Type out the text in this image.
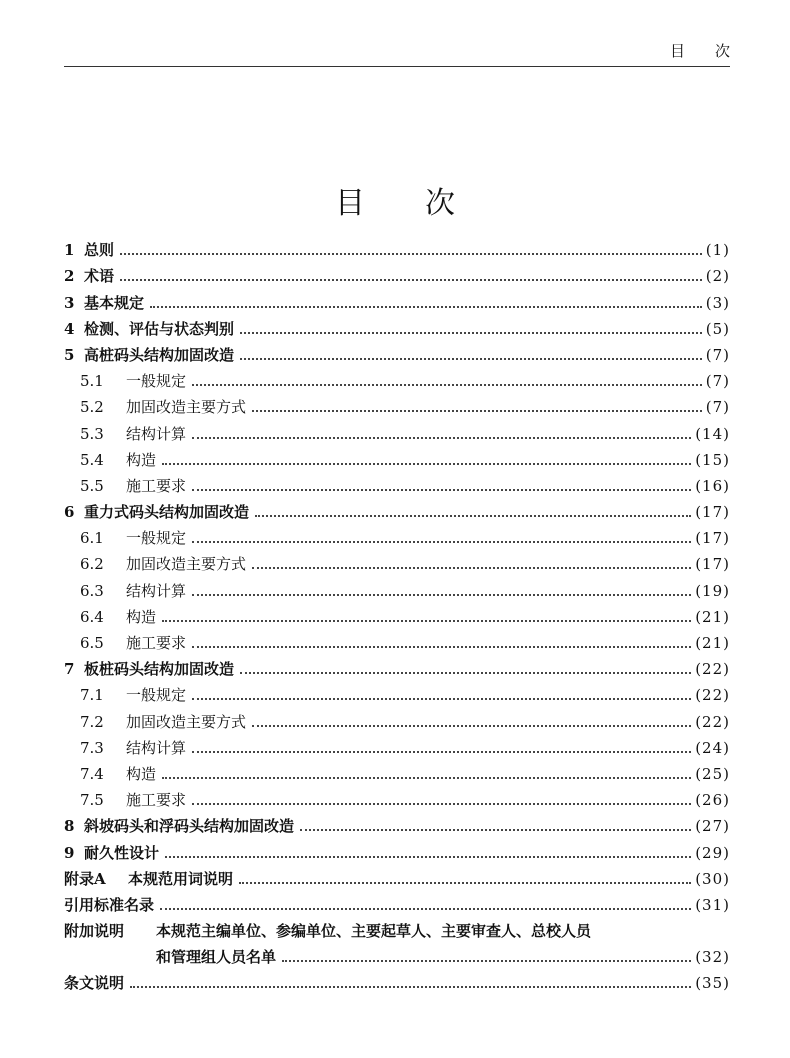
目次
目次
1 总则	(1)
2 术语	(2)
3 基本规定	(3)
4 检测、评估与状态判别	(5)
5 高桩码头结构加固改造	(7)
5.1	一般规定	(7)
5.2	加固改造主要方式	(7)
5.3	结构计算	(14)
5.4	构造	(15)
5.5	施工要求	(16)
6 重力式码头结构加固改造	(17)
6.1	一般规定	(17)
6.2	加固改造主要方式	(17)
6.3	结构计算	(19)
6.4	构造	(21)
6.5	施工要求	(21)
7 板桩码头结构加固改造	(22)
7.1	一般规定	(22)
7.2	加固改造主要方式	(22)
7.3	结构计算	(24)
7.4	构造	(25)
7.5	施工要求	(26)
8 斜坡码头和浮码头结构加固改造	(27)
9 耐久性设计	(29)
附录A	本规范用词说明	(30)
引用标准名录	(31)
附加说明	本规范主编单位、参编单位、主要起草人、主要审查人、总校人员
和管理组人员名单	(32)
条文说明	(35)
